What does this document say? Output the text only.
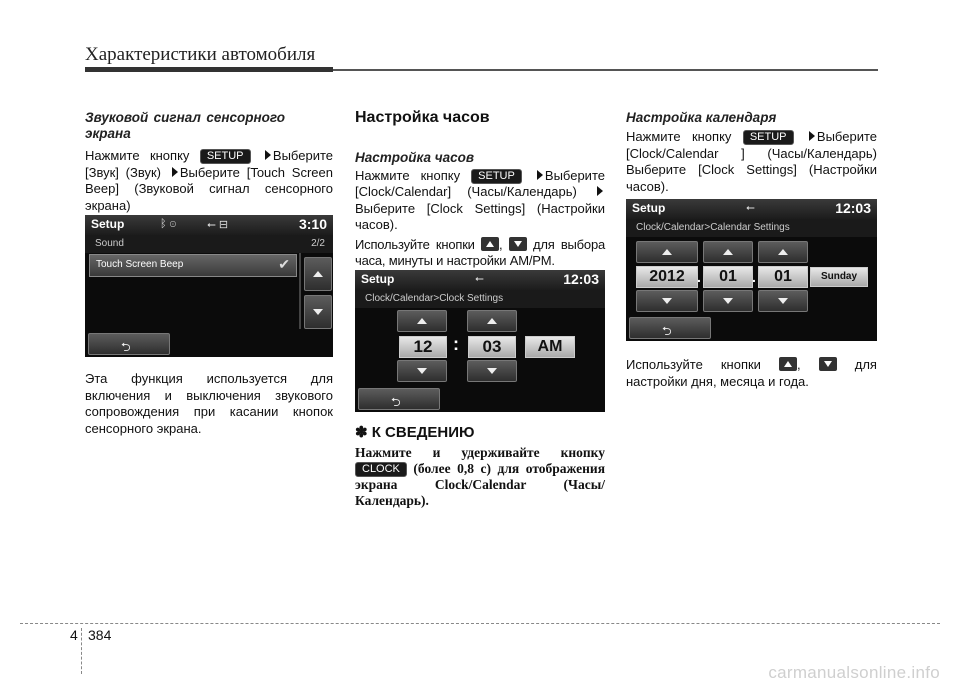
Характеристики автомобиля

Звуковой сигнал сенсорного экрана

Нажмите кнопку SETUP Выберите [Звук] (Звук) Выберите [Touch Screen Beep] (Звуковой сигнал сенсорного экрана)

Setup	ᛒ ⊙	⭠ ⊟	3:10
Sound	2/2
Touch Screen Beep	✔
⮌

Эта функция используется для включения и выключения звукового сопровождения при касании кнопок сенсорного экрана.

Настройка часов

Настройка часов

Нажмите кнопку SETUP Выберите [Clock/Calendar] (Часы/Календарь) Выберите [Clock Settings] (Настройки часов).

Используйте кнопки ,  для выбора часа, минуты и настройки AM/PM.

Setup	⭠	12:03
Clock/Calendar>Clock Settings
12	:	03	AM
⮌

✽ К СВЕДЕНИЮ

Нажмите и удерживайте кнопку CLOCK (более 0,8 с) для отображения экрана Clock/Calendar (Часы/Календарь).

Настройка календаря

Нажмите кнопку SETUP Выберите [Clock/Calendar ] (Часы/Календарь) Выберите [Clock Settings] (Настройки часов).

Setup	⭠	12:03
Clock/Calendar>Calendar Settings
2012 .	01	.	01	Sunday
⮌

Используйте кнопки	,	для настройки дня, месяца и года.

4 384
carmanualsonline.info
